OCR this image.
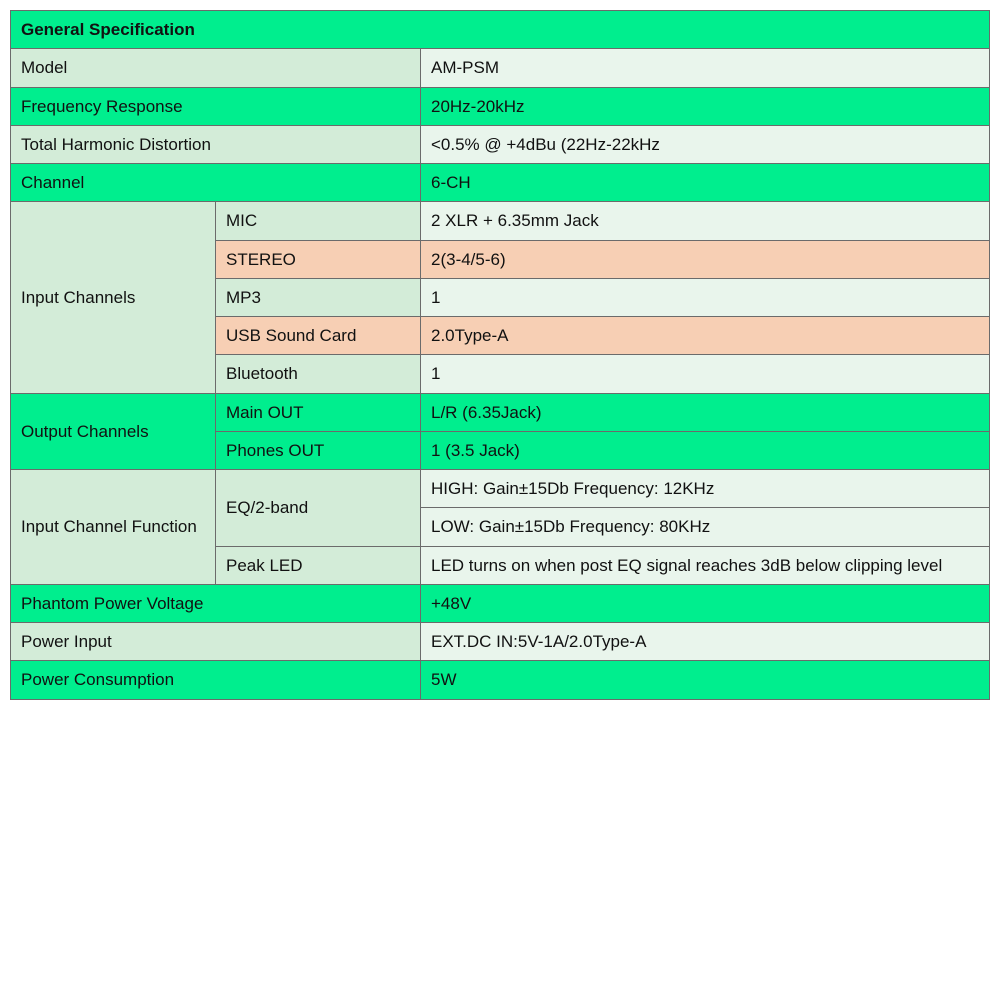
General Specification		
Model		AM-PSM
Frequency Response		20Hz-20kHz
Total Harmonic Distortion		<0.5% @ +4dBu (22Hz-22kHz
Channel		6-CH
Input Channels	MIC	2 XLR + 6.35mm Jack
	STEREO	2(3-4/5-6)
	MP3	1
	USB Sound Card	2.0Type-A
	Bluetooth	1
Output Channels	Main OUT	L/R (6.35Jack)
	Phones OUT	1 (3.5 Jack)
Input Channel Function	EQ/2-band	HIGH: Gain±15Db Frequency: 12KHz
		LOW: Gain±15Db Frequency: 80KHz
	Peak LED	LED turns on when post EQ signal reaches 3dB below clipping level
Phantom Power Voltage		+48V
Power Input		EXT.DC IN:5V-1A/2.0Type-A
Power Consumption		5W
